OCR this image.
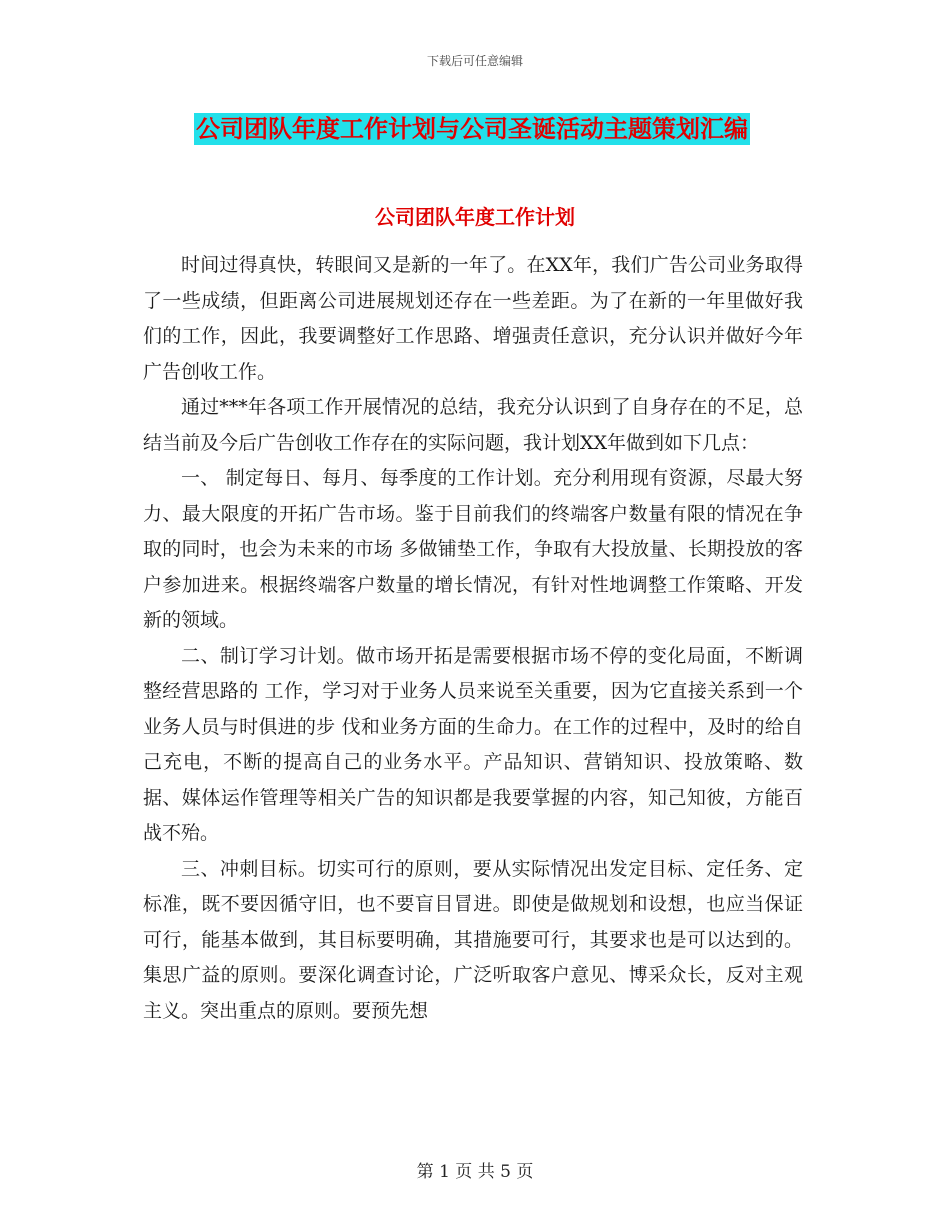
下载后可任意编辑
公司团队年度工作计划与公司圣诞活动主题策划汇编
公司团队年度工作计划

时间过得真快，转眼间又是新的一年了。在XX年，我们广告公司业务取得了一些成绩，但距离公司进展规划还存在一些差距。为了在新的一年里做好我们的工作，因此，我要调整好工作思路、增强责任意识，充分认识并做好今年广告创收工作。

通过***年各项工作开展情况的总结，我充分认识到了自身存在的不足，总结当前及今后广告创收工作存在的实际问题，我计划XX年做到如下几点：

一、 制定每日、每月、每季度的工作计划。充分利用现有资源，尽最大努力、最大限度的开拓广告市场。鉴于目前我们的终端客户数量有限的情况在争取的同时，也会为未来的市场 多做铺垫工作，争取有大投放量、长期投放的客户参加进来。根据终端客户数量的增长情况，有针对性地调整工作策略、开发新的领域。

二、制订学习计划。做市场开拓是需要根据市场不停的变化局面，不断调整经营思路的 工作，学习对于业务人员来说至关重要，因为它直接关系到一个业务人员与时俱进的步 伐和业务方面的生命力。在工作的过程中，及时的给自己充电，不断的提高自己的业务水平。产品知识、营销知识、投放策略、数据、媒体运作管理等相关广告的知识都是我要掌握的内容，知己知彼，方能百战不殆。

三、冲刺目标。切实可行的原则，要从实际情况出发定目标、定任务、定标准，既不要因循守旧，也不要盲目冒进。即使是做规划和设想，也应当保证可行，能基本做到，其目标要明确，其措施要可行，其要求也是可以达到的。集思广益的原则。要深化调查讨论，广泛听取客户意见、博采众长，反对主观主义。突出重点的原则。要预先想

第 1 页 共 5 页
